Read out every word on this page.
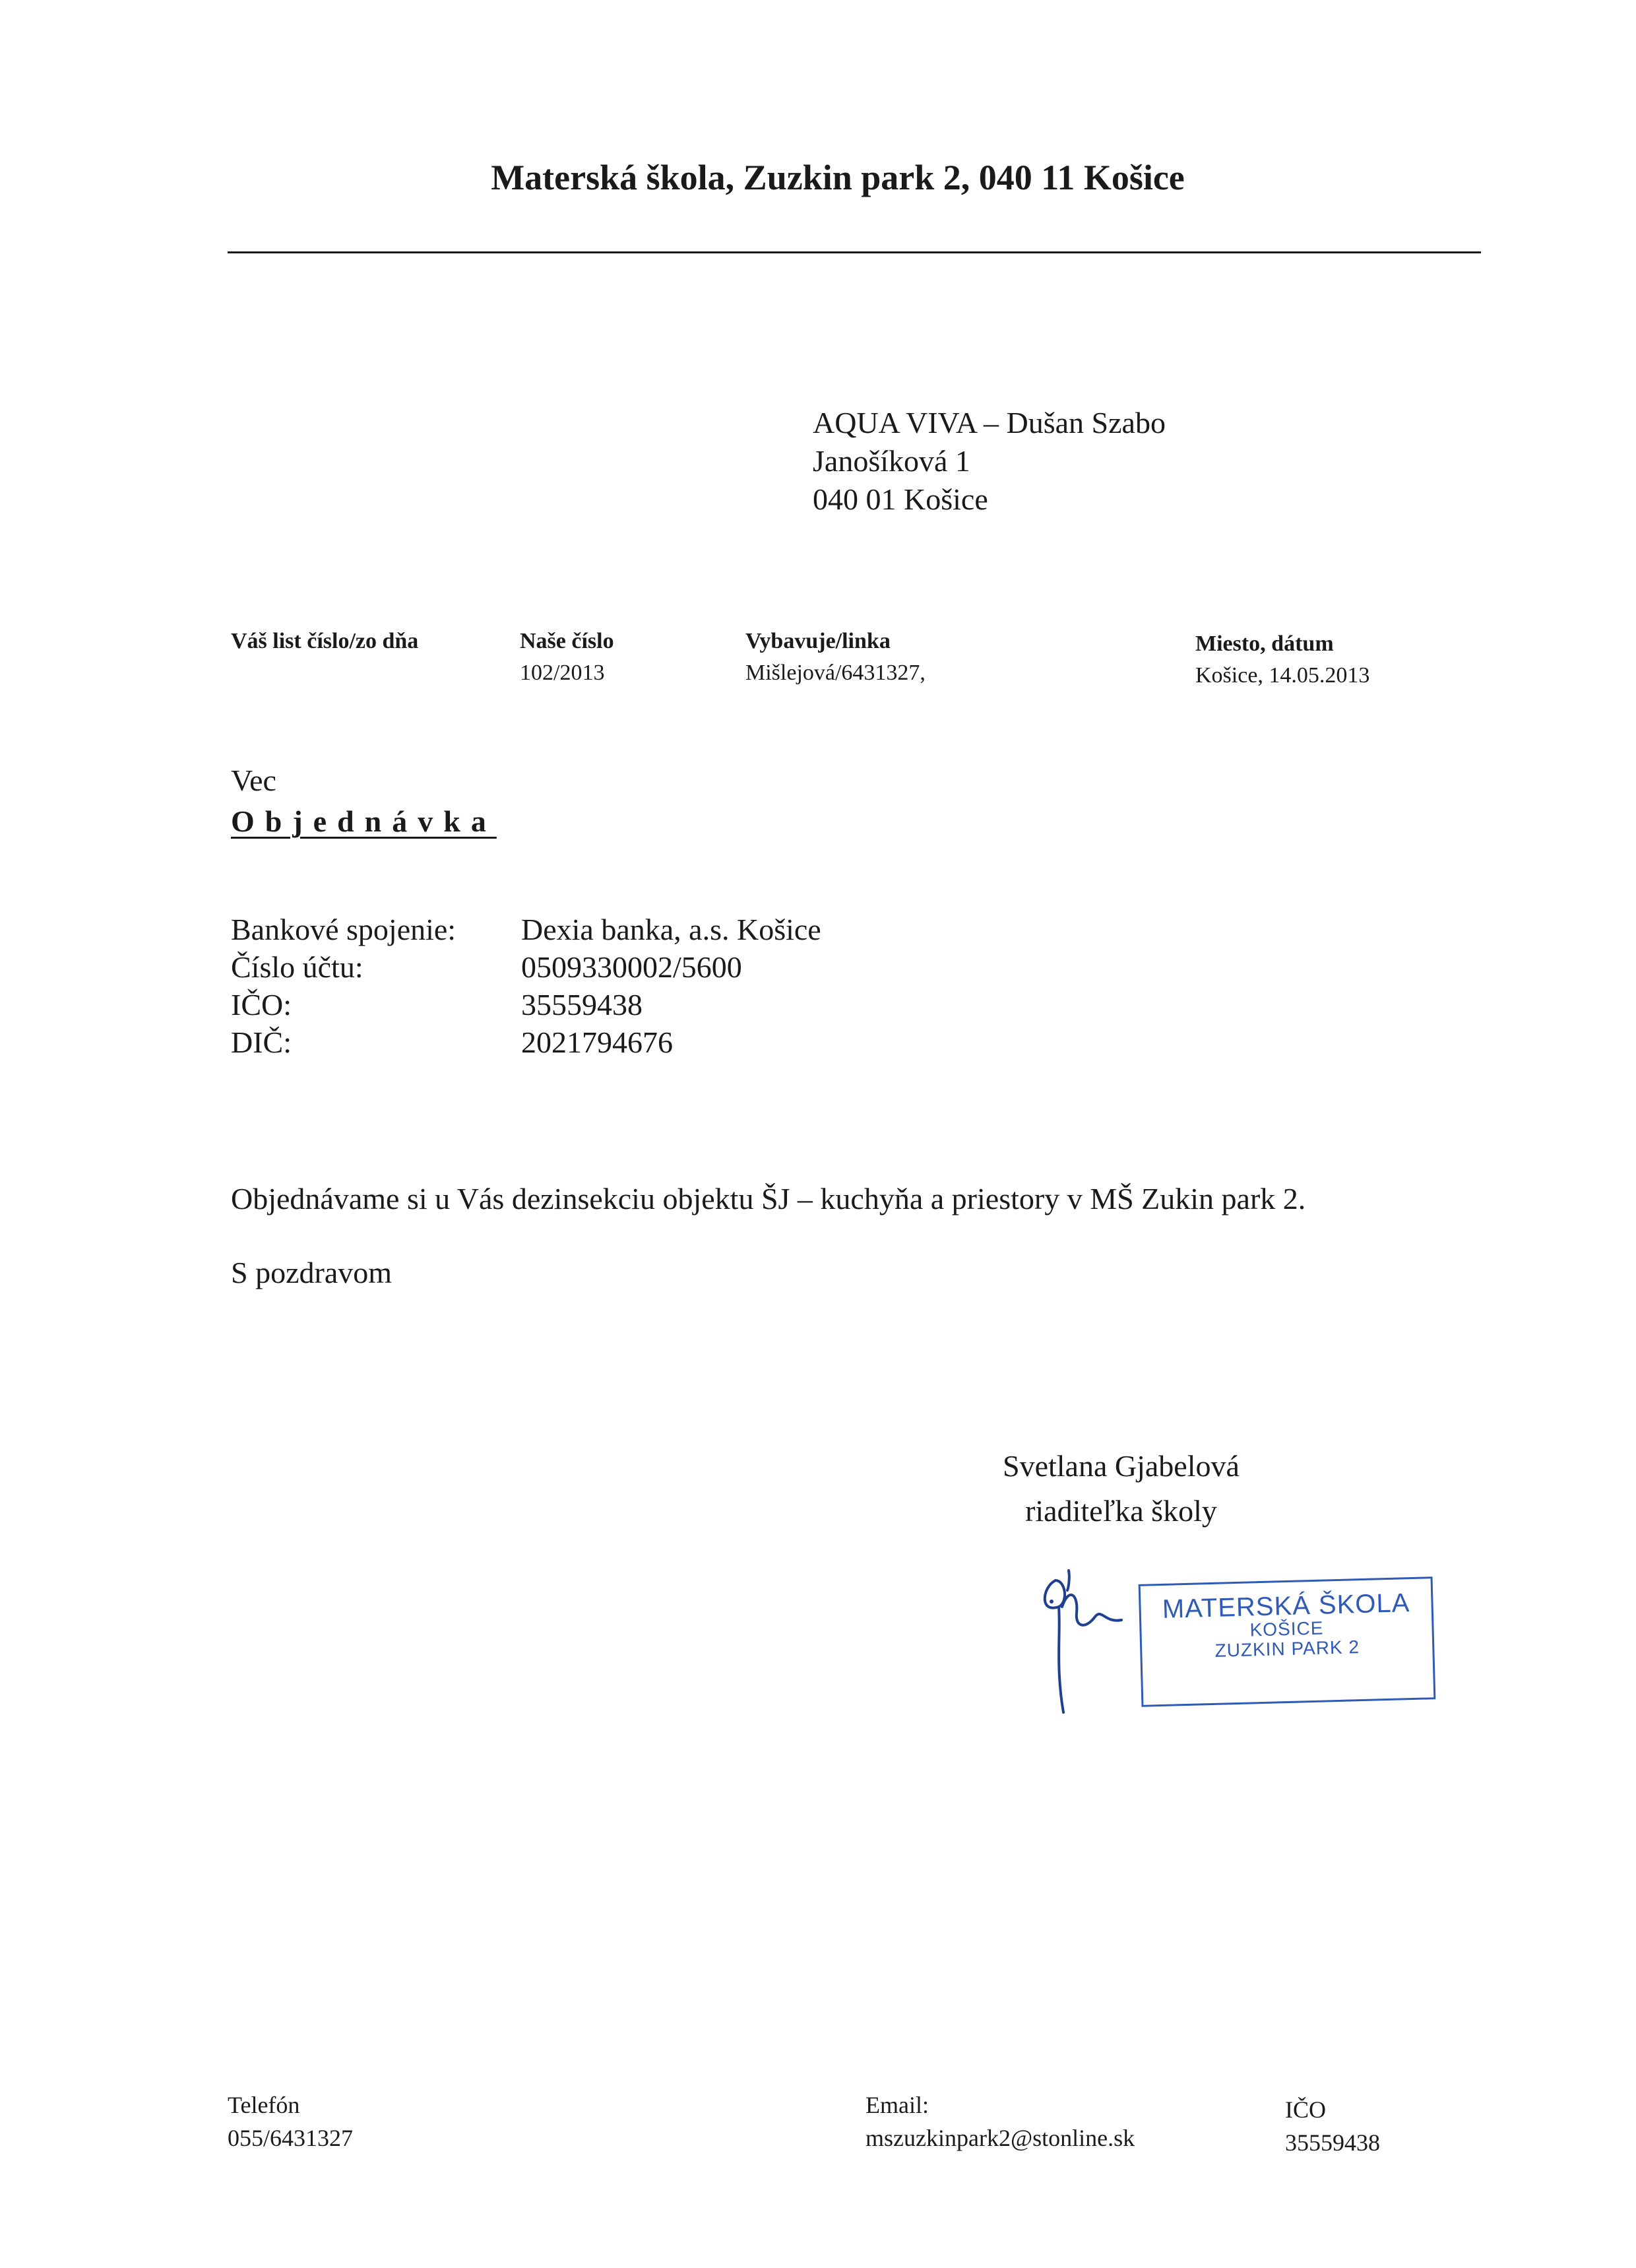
Materská škola, Zuzkin park 2, 040 11 Košice
AQUA VIVA – Dušan Szabo
Janošíková 1
040 01 Košice
Váš list číslo/zo dňa	Naše číslo
102/2013
Vybavuje/linka
Mišlejová/6431327,
Miesto, dátum
Košice, 14.05.2013
Vec
Objednávka
Bankové spojenie:
Číslo účtu:
IČO:
DIČ:
Dexia banka, a.s. Košice
0509330002/5600
35559438
2021794676
Objednávame si u Vás dezinsekciu objektu ŠJ – kuchyňa a priestory v MŠ Zukin park 2.
S pozdravom
Svetlana Gjabelová
riaditeľka školy
MATERSKÁ ŠKOLA
KOŠICE
ZUZKIN PARK 2
Telefón
055/6431327
Email:
mszuzkinpark2@stonline.sk
IČO
35559438
